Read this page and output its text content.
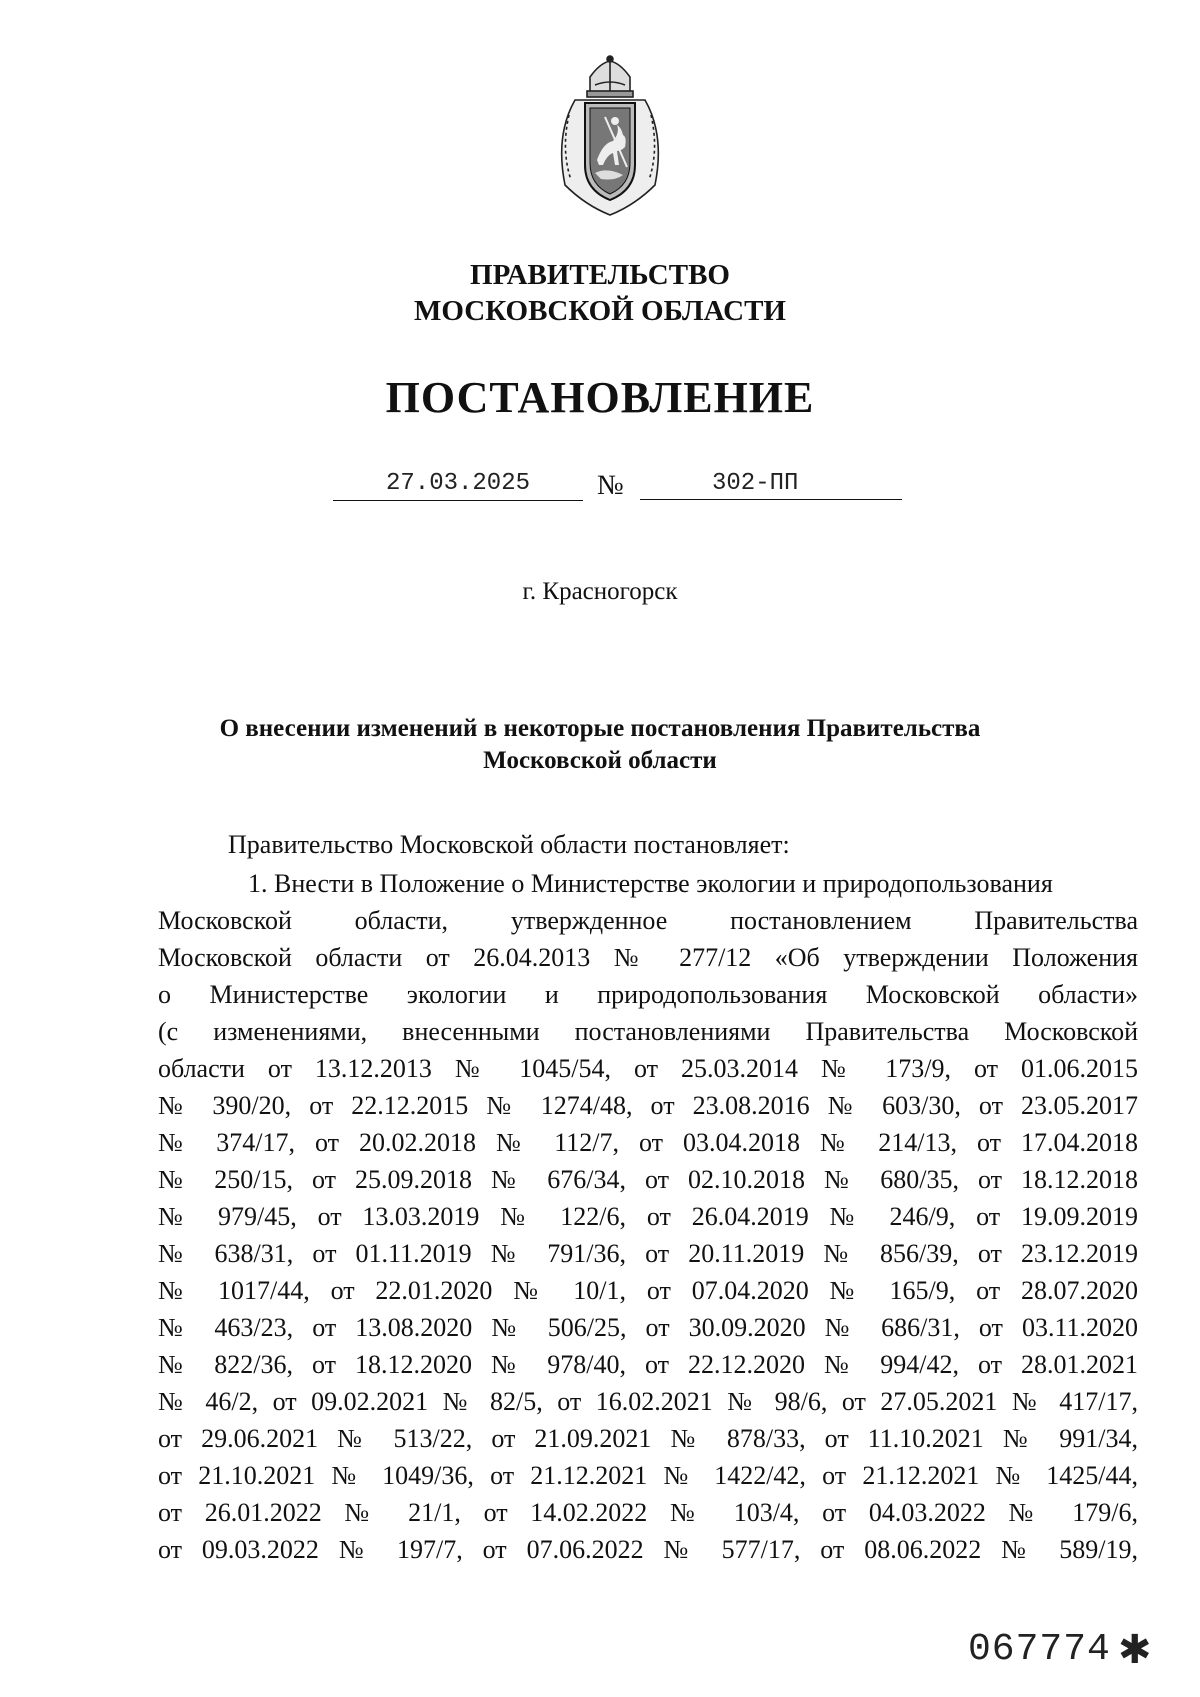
ПРАВИТЕЛЬСТВО
МОСКОВСКОЙ ОБЛАСТИ
ПОСТАНОВЛЕНИЕ
27.03.2025	№	302-ПП
г. Красногорск
О внесении изменений в некоторые постановления Правительства
Московской области
Правительство Московской области постановляет:
1. Внести в Положение о Министерстве экологии и природопользования
Московской области, утвержденное постановлением Правительства
Московской области от 26.04.2013 № 277/12 «Об утверждении Положения
о Министерстве экологии и природопользования Московской области»
(с изменениями, внесенными постановлениями Правительства Московской
области от 13.12.2013 № 1045/54, от 25.03.2014 № 173/9, от 01.06.2015
№ 390/20, от 22.12.2015 № 1274/48, от 23.08.2016 № 603/30, от 23.05.2017
№ 374/17, от 20.02.2018 № 112/7, от 03.04.2018 № 214/13, от 17.04.2018
№ 250/15, от 25.09.2018 № 676/34, от 02.10.2018 № 680/35, от 18.12.2018
№ 979/45, от 13.03.2019 № 122/6, от 26.04.2019 № 246/9, от 19.09.2019
№ 638/31, от 01.11.2019 № 791/36, от 20.11.2019 № 856/39, от 23.12.2019
№ 1017/44, от 22.01.2020 № 10/1, от 07.04.2020 № 165/9, от 28.07.2020
№ 463/23, от 13.08.2020 № 506/25, от 30.09.2020 № 686/31, от 03.11.2020
№ 822/36, от 18.12.2020 № 978/40, от 22.12.2020 № 994/42, от 28.01.2021
№ 46/2, от 09.02.2021 № 82/5, от 16.02.2021 № 98/6, от 27.05.2021 № 417/17,
от 29.06.2021 № 513/22, от 21.09.2021 № 878/33, от 11.10.2021 № 991/34,
от 21.10.2021 № 1049/36, от 21.12.2021 № 1422/42, от 21.12.2021 № 1425/44,
от 26.01.2022 № 21/1, от 14.02.2022 № 103/4, от 04.03.2022 № 179/6,
от 09.03.2022 № 197/7, от 07.06.2022 № 577/17, от 08.06.2022 № 589/19,
067774 ✱
